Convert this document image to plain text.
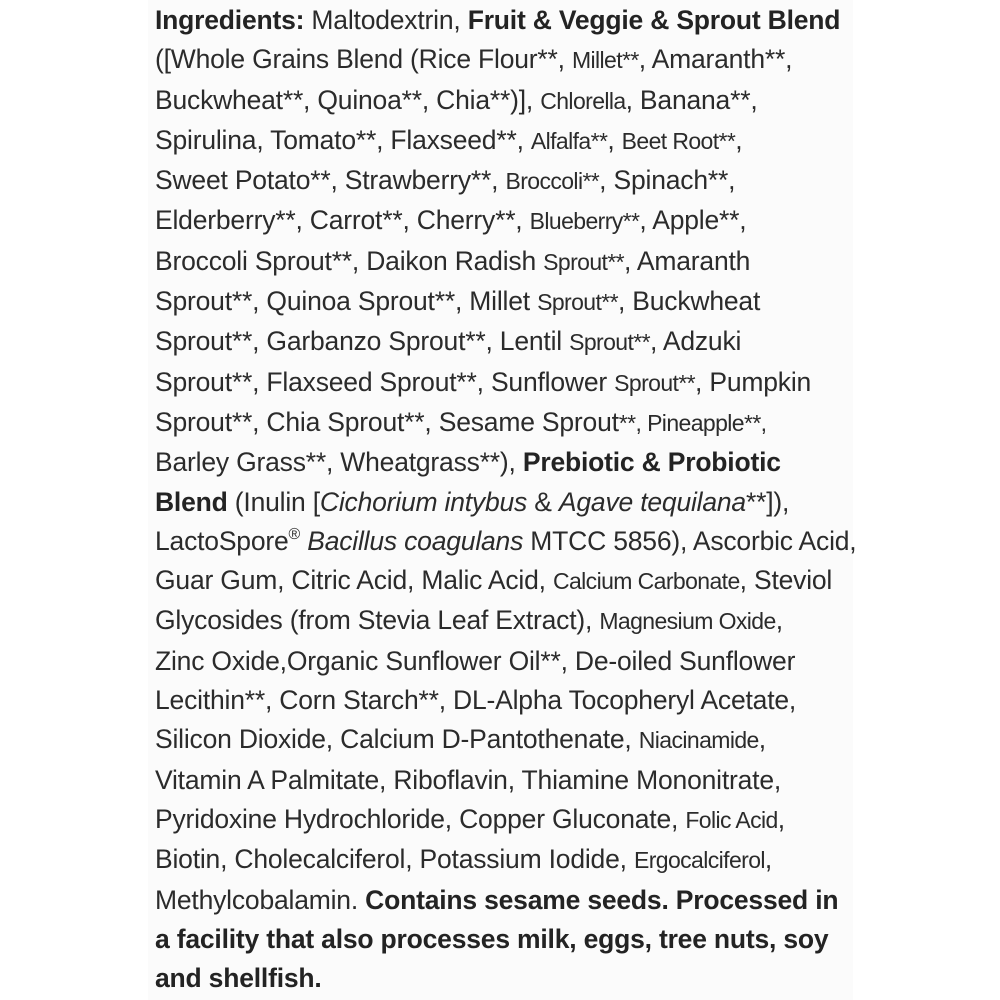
Ingredients: Maltodextrin, Fruit & Veggie & Sprout Blend
([Whole Grains Blend (Rice Flour**, Millet**, Amaranth**,
Buckwheat**, Quinoa**, Chia**)], Chlorella, Banana**,
Spirulina, Tomato**, Flaxseed**, Alfalfa**, Beet Root**,
Sweet Potato**, Strawberry**, Broccoli**, Spinach**,
Elderberry**, Carrot**, Cherry**, Blueberry**, Apple**,
Broccoli Sprout**, Daikon Radish Sprout**, Amaranth
Sprout**, Quinoa Sprout**, Millet Sprout**, Buckwheat
Sprout**, Garbanzo Sprout**, Lentil Sprout**, Adzuki
Sprout**, Flaxseed Sprout**, Sunflower Sprout**, Pumpkin
Sprout**, Chia Sprout**, Sesame Sprout**, Pineapple**,
Barley Grass**, Wheatgrass**), Prebiotic & Probiotic
Blend (Inulin [Cichorium intybus & Agave tequilana**]),
LactoSpore® Bacillus coagulans MTCC 5856), Ascorbic Acid,
Guar Gum, Citric Acid, Malic Acid, Calcium Carbonate, Steviol
Glycosides (from Stevia Leaf Extract), Magnesium Oxide,
Zinc Oxide,Organic Sunflower Oil**, De-oiled Sunflower
Lecithin**, Corn Starch**, DL-Alpha Tocopheryl Acetate,
Silicon Dioxide, Calcium D-Pantothenate, Niacinamide,
Vitamin A Palmitate, Riboflavin, Thiamine Mononitrate,
Pyridoxine Hydrochloride, Copper Gluconate, Folic Acid,
Biotin, Cholecalciferol, Potassium Iodide, Ergocalciferol,
Methylcobalamin. Contains sesame seeds. Processed in
a facility that also processes milk, eggs, tree nuts, soy
and shellfish.
